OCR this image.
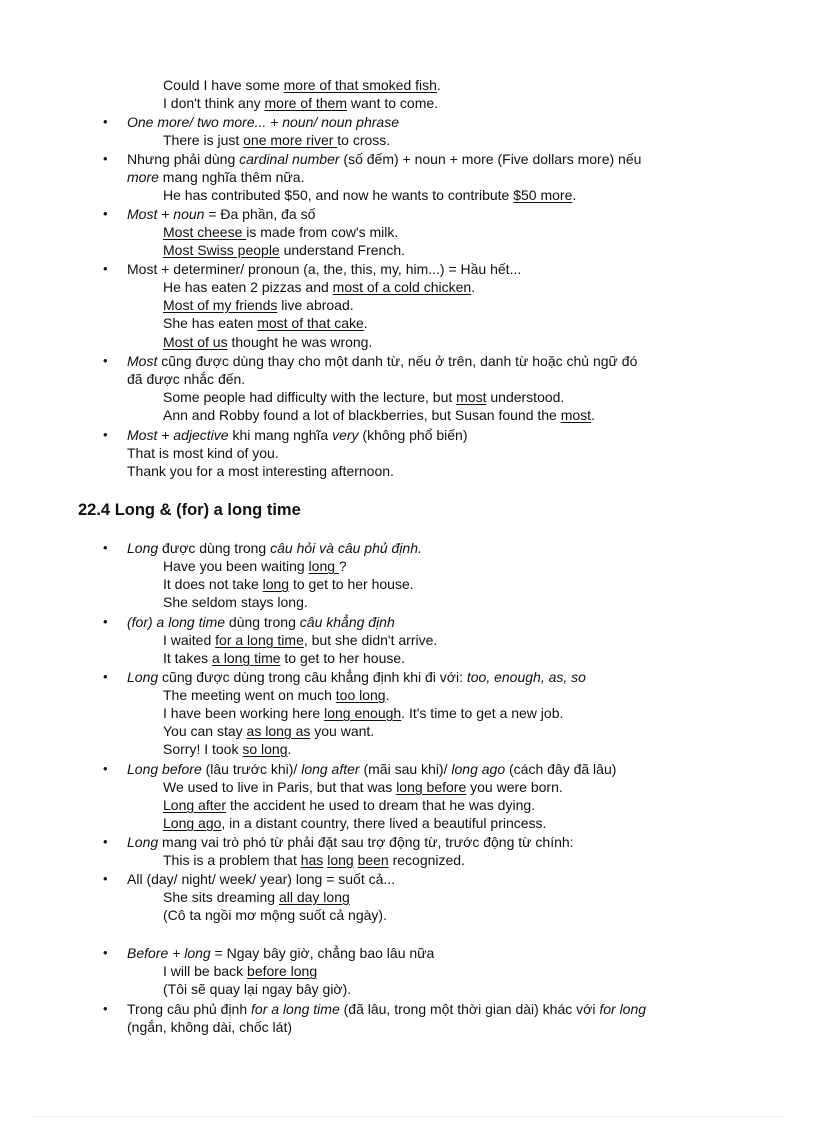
Could I have some more of that smoked fish.
I don't think any more of them want to come.
• One more/ two more... + noun/ noun phrase
There is just one more river to cross.
• Nhưng phải dùng cardinal number (số đếm) + noun + more (Five dollars more) nếu
more mang nghĩa thêm nữa.
He has contributed $50, and now he wants to contribute $50 more.
• Most + noun = Đa phần, đa số
Most cheese is made from cow's milk.
Most Swiss people understand French.
• Most + determiner/ pronoun (a, the, this, my, him...) = Hầu hết...
He has eaten 2 pizzas and most of a cold chicken.
Most of my friends live abroad.
She has eaten most of that cake.
Most of us thought he was wrong.
• Most cũng được dùng thay cho một danh từ, nếu ở trên, danh từ hoặc chủ ngữ đó
đã được nhắc đến.
Some people had difficulty with the lecture, but most understood.
Ann and Robby found a lot of blackberries, but Susan found the most.
• Most + adjective khi mang nghĩa very (không phổ biến)
That is most kind of you.
Thank you for a most interesting afternoon.
22.4 Long & (for) a long time
• Long được dùng trong câu hỏi và câu phủ định.
Have you been waiting long ?
It does not take long to get to her house.
She seldom stays long.
• (for) a long time dùng trong câu khẳng định
I waited for a long time, but she didn't arrive.
It takes a long time to get to her house.
• Long cũng được dùng trong câu khẳng định khi đi với: too, enough, as, so
The meeting went on much too long.
I have been working here long enough. It's time to get a new job.
You can stay as long as you want.
Sorry! I took so long.
• Long before (lâu trước khi)/ long after (mãi sau khi)/ long ago (cách đây đã lâu)
We used to live in Paris, but that was long before you were born.
Long after the accident he used to dream that he was dying.
Long ago, in a distant country, there lived a beautiful princess.
• Long mang vai trò phó từ phải đặt sau trợ động từ, trước động từ chính:
This is a problem that has long been recognized.
• All (day/ night/ week/ year) long = suốt cả...
She sits dreaming all day long
(Cô ta ngồi mơ mộng suốt cả ngày).
• Before + long = Ngay bây giờ, chẳng bao lâu nữa
I will be back before long
(Tôi sẽ quay lại ngay bây giờ).
• Trong câu phủ định for a long time (đã lâu, trong một thời gian dài) khác với for long
(ngắn, không dài, chốc lát)
